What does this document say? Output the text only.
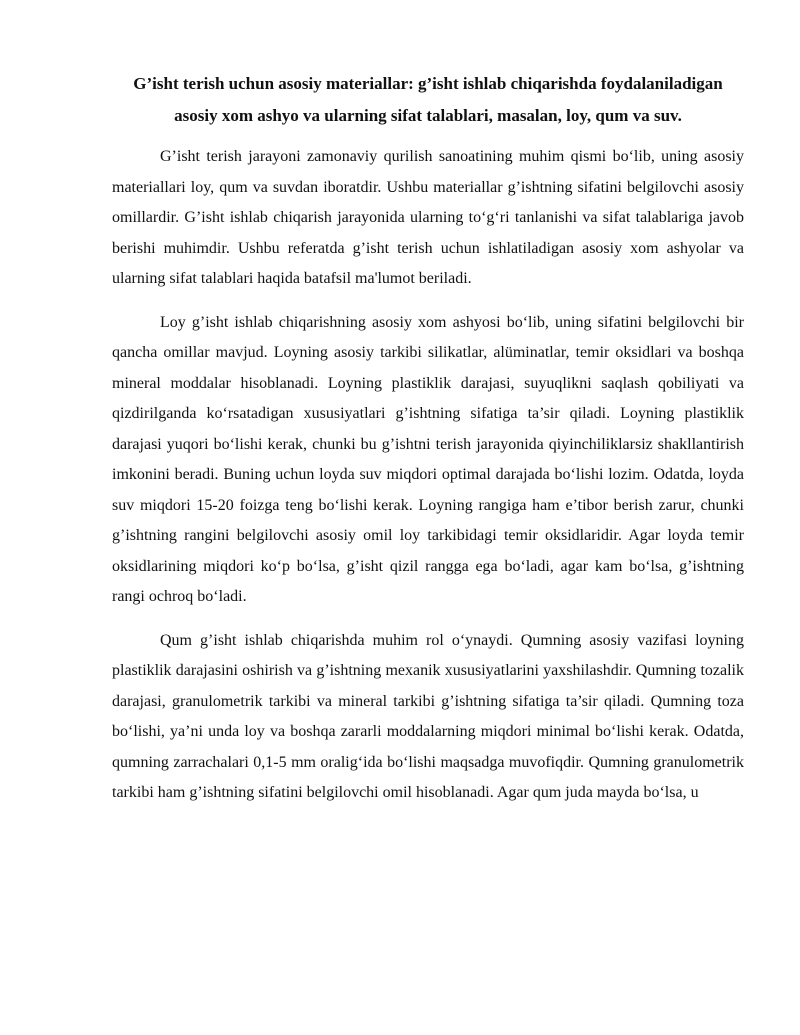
G’isht terish uchun asosiy materiallar: g’isht ishlab chiqarishda foydalaniladigan asosiy xom ashyo va ularning sifat talablari, masalan, loy, qum va suv.

G’isht terish jarayoni zamonaviy qurilish sanoatining muhim qismi bo‘lib, uning asosiy materiallari loy, qum va suvdan iboratdir. Ushbu materiallar g’ishtning sifatini belgilovchi asosiy omillardir. G’isht ishlab chiqarish jarayonida ularning to‘g‘ri tanlanishi va sifat talablariga javob berishi muhimdir. Ushbu referatda g’isht terish uchun ishlatiladigan asosiy xom ashyolar va ularning sifat talablari haqida batafsil ma'lumot beriladi.

Loy g’isht ishlab chiqarishning asosiy xom ashyosi bo‘lib, uning sifatini belgilovchi bir qancha omillar mavjud. Loyning asosiy tarkibi silikatlar, alüminatlar, temir oksidlari va boshqa mineral moddalar hisoblanadi. Loyning plastiklik darajasi, suyuqlikni saqlash qobiliyati va qizdirilganda ko‘rsatadigan xususiyatlari g’ishtning sifatiga ta’sir qiladi. Loyning plastiklik darajasi yuqori bo‘lishi kerak, chunki bu g’ishtni terish jarayonida qiyinchiliklarsiz shakllantirish imkonini beradi. Buning uchun loyda suv miqdori optimal darajada bo‘lishi lozim. Odatda, loyda suv miqdori 15-20 foizga teng bo‘lishi kerak. Loyning rangiga ham e’tibor berish zarur, chunki g’ishtning rangini belgilovchi asosiy omil loy tarkibidagi temir oksidlaridir. Agar loyda temir oksidlarining miqdori ko‘p bo‘lsa, g’isht qizil rangga ega bo‘ladi, agar kam bo‘lsa, g’ishtning rangi ochroq bo‘ladi.

Qum g’isht ishlab chiqarishda muhim rol o‘ynaydi. Qumning asosiy vazifasi loyning plastiklik darajasini oshirish va g’ishtning mexanik xususiyatlarini yaxshilashdir. Qumning tozalik darajasi, granulometrik tarkibi va mineral tarkibi g’ishtning sifatiga ta’sir qiladi. Qumning toza bo‘lishi, ya’ni unda loy va boshqa zararli moddalarning miqdori minimal bo‘lishi kerak. Odatda, qumning zarrachalari 0,1-5 mm oralig‘ida bo‘lishi maqsadga muvofiqdir. Qumning granulometrik tarkibi ham g’ishtning sifatini belgilovchi omil hisoblanadi. Agar qum juda mayda bo‘lsa, u
